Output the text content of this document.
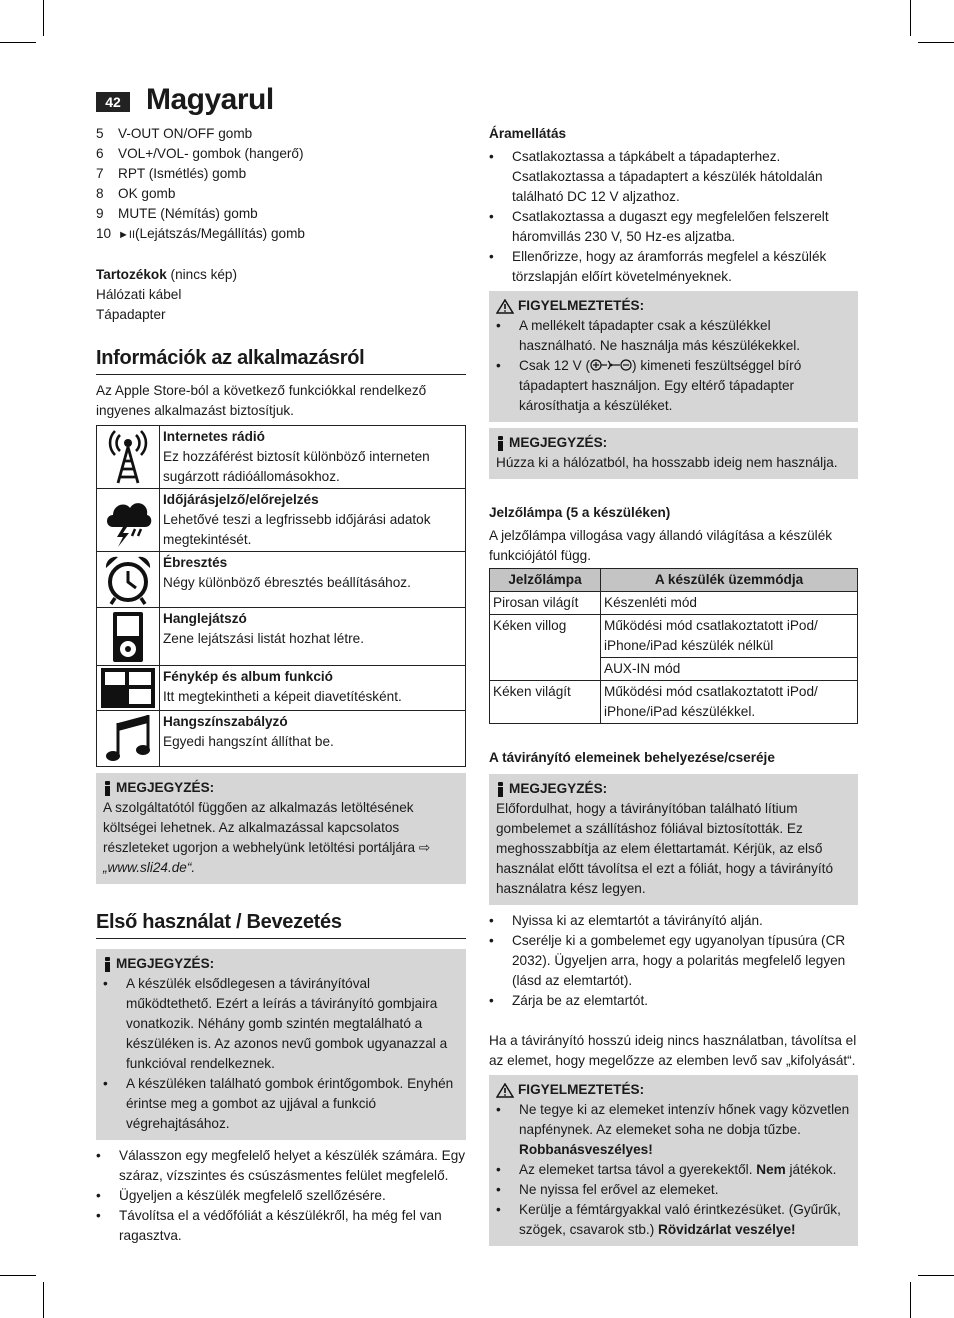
42 Magyarul
5	V-OUT ON/OFF gomb
6	VOL+/VOL- gombok (hangerő)
7	RPT (Ismétlés) gomb
8	OK gomb
9	MUTE (Némítás) gomb
10 ►II(Lejátszás/Megállítás) gomb
Tartozékok (nincs kép)
Hálózati kábel
Tápadapter
Információk az alkalmazásról
Az Apple Store-ból a következő funkciókkal rendelkező ingyenes alkalmazást biztosítjuk.

Internetes rádió
Ez hozzáférést biztosít különböző interneten sugárzott rádióállomásokhoz.

Időjárásjelző/előrejelzés
Lehetővé teszi a legfrissebb időjárási adatok megtekintését.

Ébresztés
Négy különböző ébresztés beállításához.

Hanglejátszó
Zene lejátszási listát hozhat létre.

Fénykép és album funkció
Itt megtekintheti a képeit diavetítésként.

Hangszínszabályzó
Egyedi hangszínt állíthat be.
MEGJEGYZÉS:
A szolgáltatótól függően az alkalmazás letöltésének költségei lehetnek. Az alkalmazással kapcsolatos részleteket ugorjon a webhelyünk letöltési portáljára ⇨ „www.sli24.de“.
Első használat / Bevezetés
MEGJEGYZÉS:
• A készülék elsődlegesen a távirányítóval működtethető. Ezért a leírás a távirányító gombjaira vonatkozik. Néhány gomb szintén megtalálható a készüléken is. Az azonos nevű gombok ugyanazzal a funkcióval rendelkeznek.
• A készüléken található gombok érintőgombok. Enyhén érintse meg a gombot az ujjával a funkció végrehajtásához.
• Válasszon egy megfelelő helyet a készülék számára. Egy száraz, vízszintes és csúszásmentes felület megfelelő.
• Ügyeljen a készülék megfelelő szellőzésére.
• Távolítsa el a védőfóliát a készülékről, ha még fel van ragasztva.
Áramellátás
• Csatlakoztassa a tápkábelt a tápadapterhez. Csatlakoztassa a tápadaptert a készülék hátoldalán található DC 12 V aljzathoz.
• Csatlakoztassa a dugaszt egy megfelelően felszerelt háromvillás 230 V, 50 Hz-es aljzatba.
• Ellenőrizze, hogy az áramforrás megfelel a készülék törzslapján előírt követelményeknek.
FIGYELMEZTETÉS:
• A mellékelt tápadapter csak a készülékkel használható. Ne használja más készülékekkel.
• Csak 12 V (	) kimeneti feszültséggel bíró tápadaptert használjon. Egy eltérő tápadapter károsíthatja a készüléket.
MEGJEGYZÉS:
Húzza ki a hálózatból, ha hosszabb ideig nem használja.
Jelzőlámpa (5 a készüléken)
A jelzőlámpa villogása vagy állandó világítása a készülék funkciójától függ.
Jelzőlámpa	A készülék üzemmódja
Pirosan világít	Készenléti mód
Kéken villog	Működési mód csatlakoztatott iPod/ iPhone/iPad készülék nélkül
	AUX-IN mód
Kéken világít	Működési mód csatlakoztatott iPod/ iPhone/iPad készülékkel.
A távirányító elemeinek behelyezése/cseréje
MEGJEGYZÉS:
Előfordulhat, hogy a távirányítóban található lítium gombelemet a szállításhoz fóliával biztosították. Ez meghosszabbítja az elem élettartamát. Kérjük, az első használat előtt távolítsa el ezt a fóliát, hogy a távirányító használatra kész legyen.
• Nyissa ki az elemtartót a távirányító alján.
• Cserélje ki a gombelemet egy ugyanolyan típusúra (CR 2032). Ügyeljen arra, hogy a polaritás megfelelő legyen (lásd az elemtartót).
• Zárja be az elemtartót.
Ha a távirányító hosszú ideig nincs használatban, távolítsa el az elemet, hogy megelőzze az elemben levő sav „kifolyását“.
FIGYELMEZTETÉS:
• Ne tegye ki az elemeket intenzív hőnek vagy közvetlen napfénynek. Az elemeket soha ne dobja tűzbe. Robbanásveszélyes!
• Az elemeket tartsa távol a gyerekektől. Nem játékok.
• Ne nyissa fel erővel az elemeket.
• Kerülje a fémtárgyakkal való érintkezésüket. (Gyűrűk, szögek, csavarok stb.) Rövidzárlat veszélye!
